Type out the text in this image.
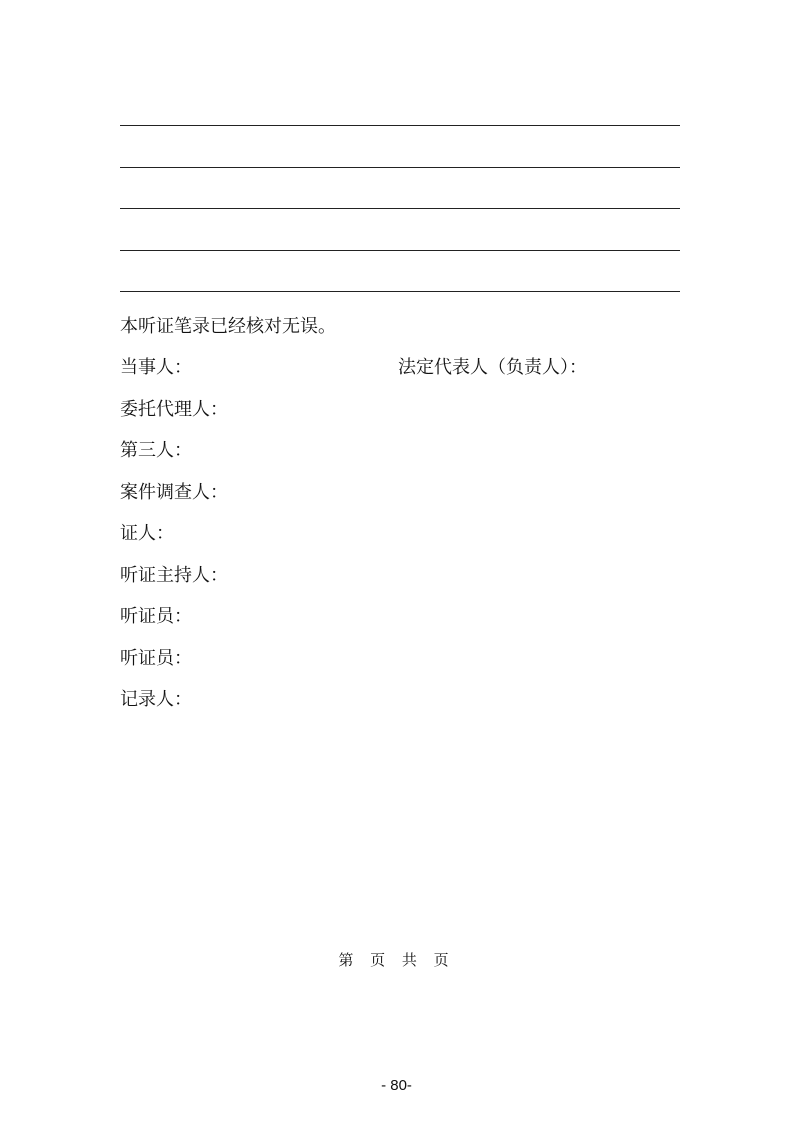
本听证笔录已经核对无误。
当事人：	法定代表人（负责人）：
委托代理人：
第三人：
案件调查人：
证人：
听证主持人：
听证员：
听证员：
记录人：
第 页 共 页
- 80-
